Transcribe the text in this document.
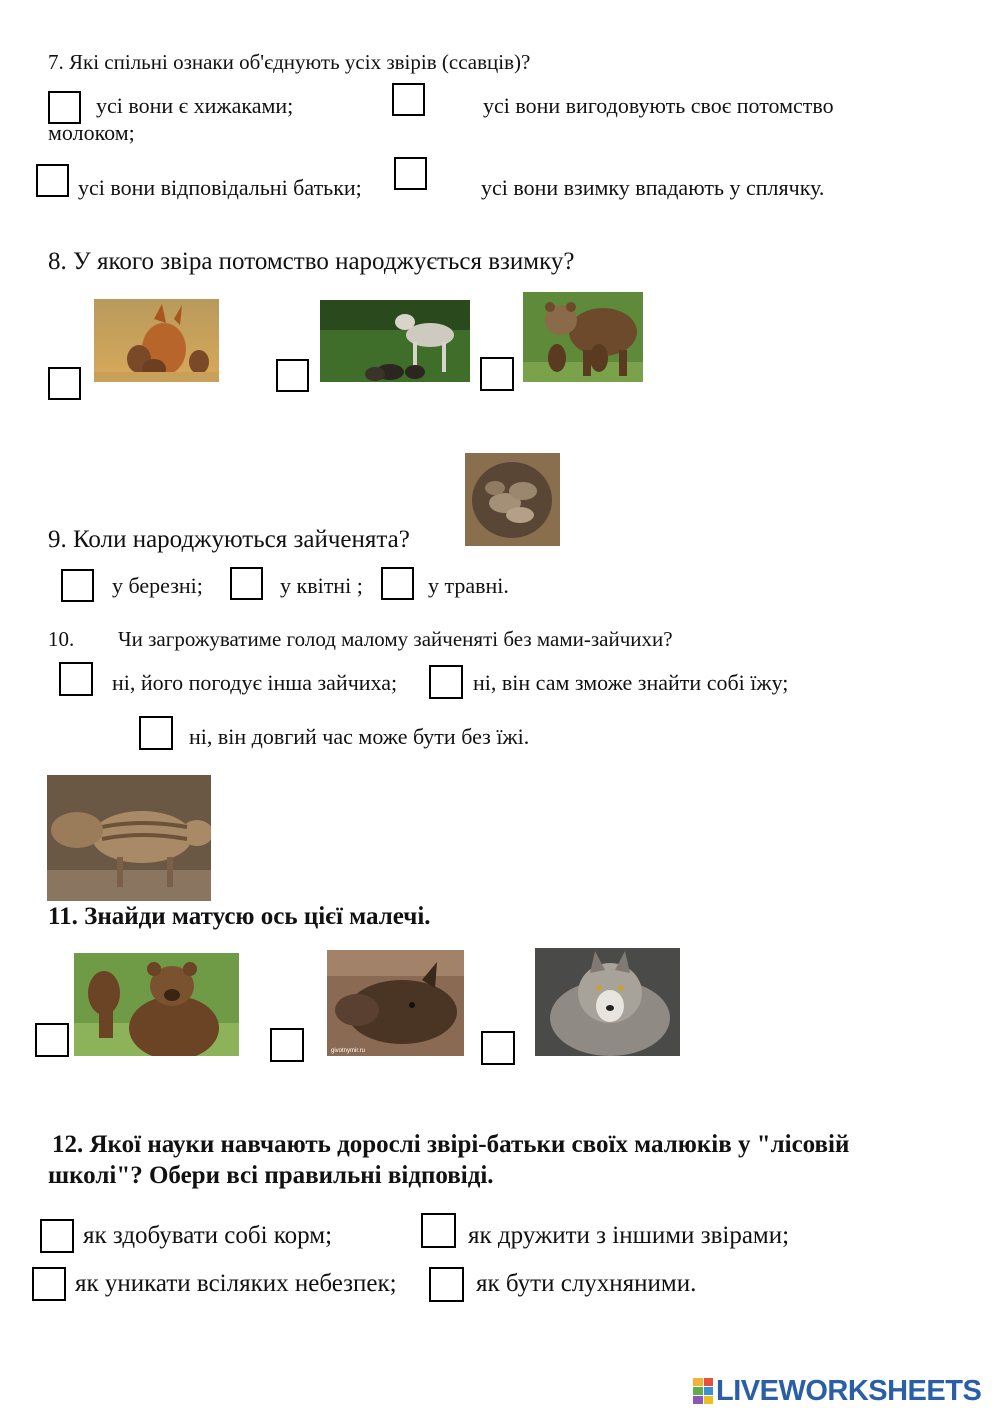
7. Які спільні ознаки об'єднують усіх звірів (ссавців)?
усі вони є хижаками;	усі вони вигодовують своє потомство
молоком;
усі вони відповідальні батьки;	усі вони взимку впадають у сплячку.
8. У якого звіра потомство народжується взимку?
9. Коли народжуються зайченята?
у березні;	у квітні ;	у травні.
10. Чи загрожуватиме голод малому зайченяті без мами-зайчихи?
ні, його погодує інша зайчиха;	ні, він сам зможе знайти собі їжу;
ні, він довгий час може бути без їжі.
11. Знайди матусю ось цієї малечі.
givotnymir.ru
12. Якої науки навчають дорослі звірі-батьки своїх малюків у "лісовій
школі"? Обери всі правильні відповіді.
як здобувати собі корм;	як дружити з іншими звірами;
як уникати всіляких небезпек;	як бути слухняними.
LIVEWORKSHEETS
